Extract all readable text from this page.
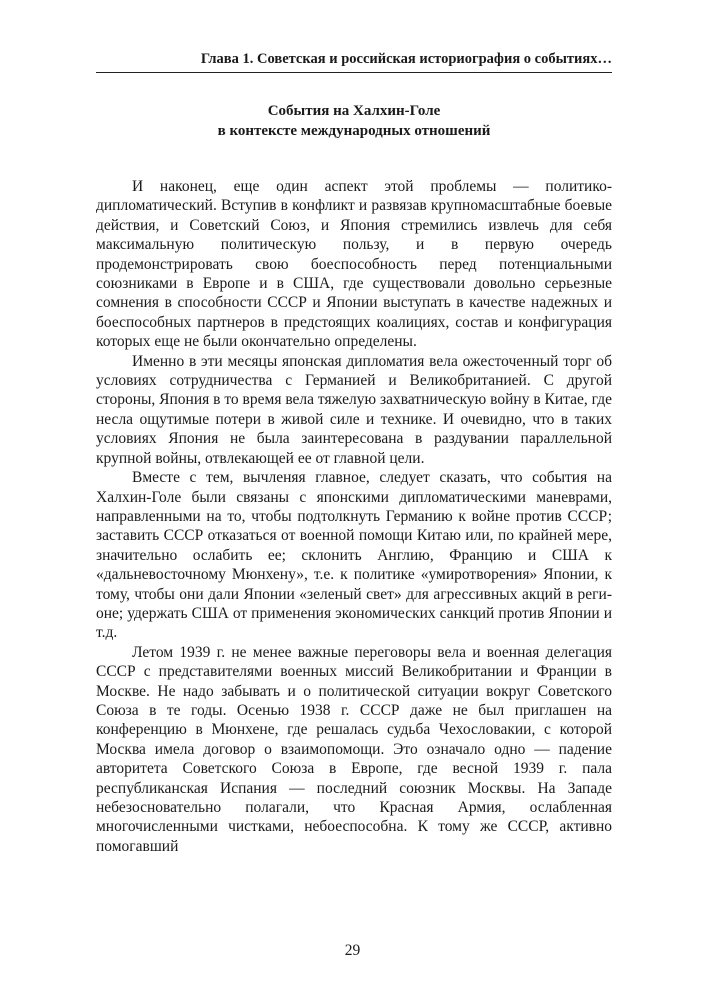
Глава 1. Советская и российская историография о событиях…
События на Халхин-Голе
в контексте международных отношений

И наконец, еще один аспект этой проблемы — политико-дипломатический. Вступив в конфликт и развязав крупномасштабные боевые действия, и Советский Союз, и Япония стремились извлечь для себя максимальную политическую пользу, и в первую очередь продемонстрировать свою боеспособность перед потенциальными союзниками в Европе и в США, где существовали довольно серьезные сомнения в способности СССР и Японии выступать в качестве надежных и боеспособных партнеров в предстоящих коалициях, состав и конфигурация которых еще не были окончательно определены.

Именно в эти месяцы японская дипломатия вела ожесточенный торг об условиях сотрудничества с Германией и Великобританией. С другой стороны, Япония в то время вела тяжелую захватническую войну в Китае, где несла ощутимые потери в живой силе и технике. И очевидно, что в таких условиях Япония не была заинтересована в раздувании параллельной крупной войны, отвлекающей ее от главной цели.

Вместе с тем, вычленяя главное, следует сказать, что события на Халхин-Голе были связаны с японскими дипломатическими маневрами, направленными на то, чтобы подтолкнуть Германию к войне против СССР; заставить СССР отказаться от военной помощи Китаю или, по крайней мере, значительно ослабить ее; склонить Англию, Францию и США к «дальневосточному Мюнхену», т.е. к политике «умиротворения» Японии, к тому, чтобы они дали Японии «зеленый свет» для агрессивных акций в регионе; удержать США от применения экономических санкций против Японии и т.д.

Летом 1939 г. не менее важные переговоры вела и военная делегация СССР с представителями военных миссий Великобритании и Франции в Москве. Не надо забывать и о политической ситуации вокруг Советского Союза в те годы. Осенью 1938 г. СССР даже не был приглашен на конференцию в Мюнхене, где решалась судьба Чехословакии, с которой Москва имела договор о взаимопомощи. Это означало одно — падение авторитета Советского Союза в Европе, где весной 1939 г. пала республиканская Испания — последний союзник Москвы. На Западе небезосновательно полагали, что Красная Армия, ослабленная многочисленными чистками, небоеспособна. К тому же СССР, активно помогавший

29
